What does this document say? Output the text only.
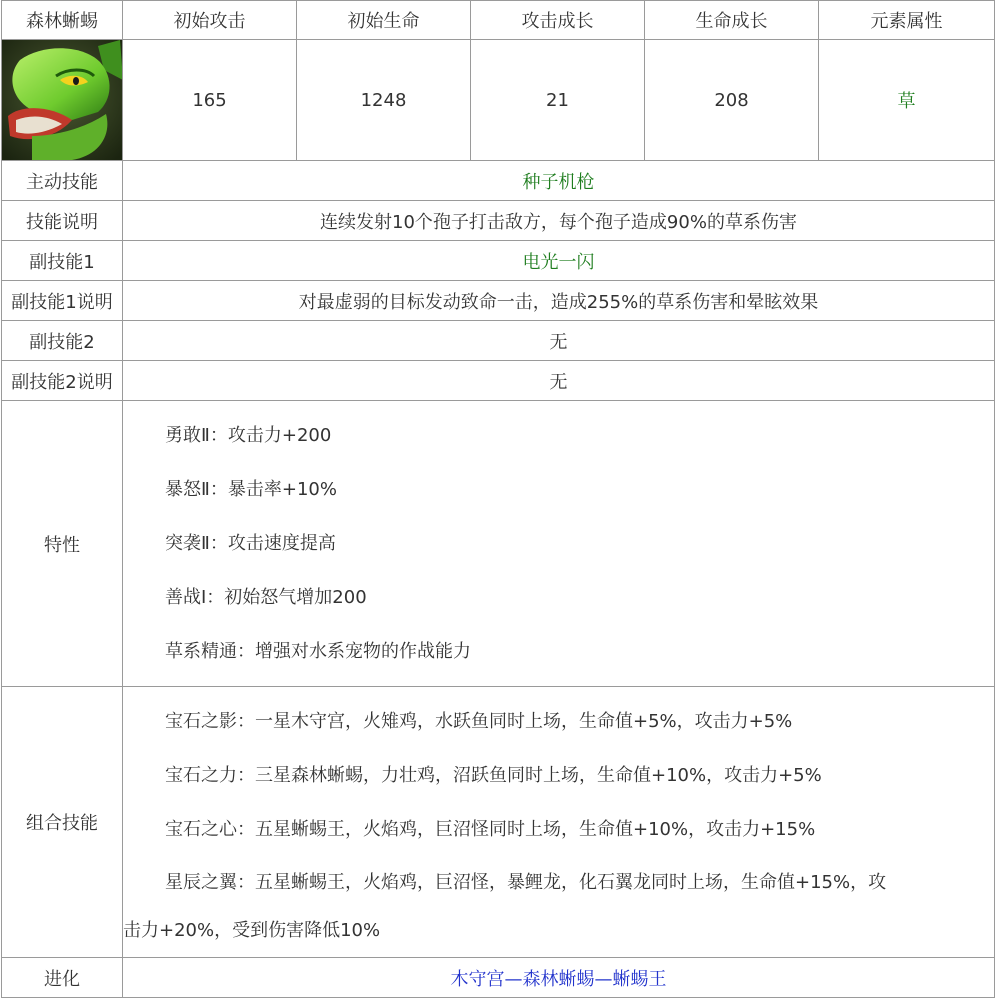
森林蜥蜴	初始攻击	初始生命	攻击成长	生命成长	元素属性

	165	1248	21	208	草
主动技能	种子机枪				
技能说明	连续发射10个孢子打击敌方，每个孢子造成90%的草系伤害				
副技能1	电光一闪				
副技能1说明	对最虚弱的目标发动致命一击，造成255%的草系伤害和晕眩效果				
副技能2	无				
副技能2说明	无				
特性	勇敢Ⅱ：攻击力+200
暴怒Ⅱ：暴击率+10%
突袭Ⅱ：攻击速度提高
善战I：初始怒气增加200
草系精通：增强对水系宠物的作战能力				

组合技能	宝石之影：一星木守宫，火雉鸡，水跃鱼同时上场，生命值+5%，攻击力+5%
宝石之力：三星森林蜥蜴，力壮鸡，沼跃鱼同时上场，生命值+10%，攻击力+5%
宝石之心：五星蜥蜴王，火焰鸡，巨沼怪同时上场，生命值+10%，攻击力+15%
星辰之翼：五星蜥蜴王，火焰鸡，巨沼怪，暴鲤龙，化石翼龙同时上场，生命值+15%，攻
击力+20%，受到伤害降低10%				

进化	木守宫—森林蜥蜴—蜥蜴王				
